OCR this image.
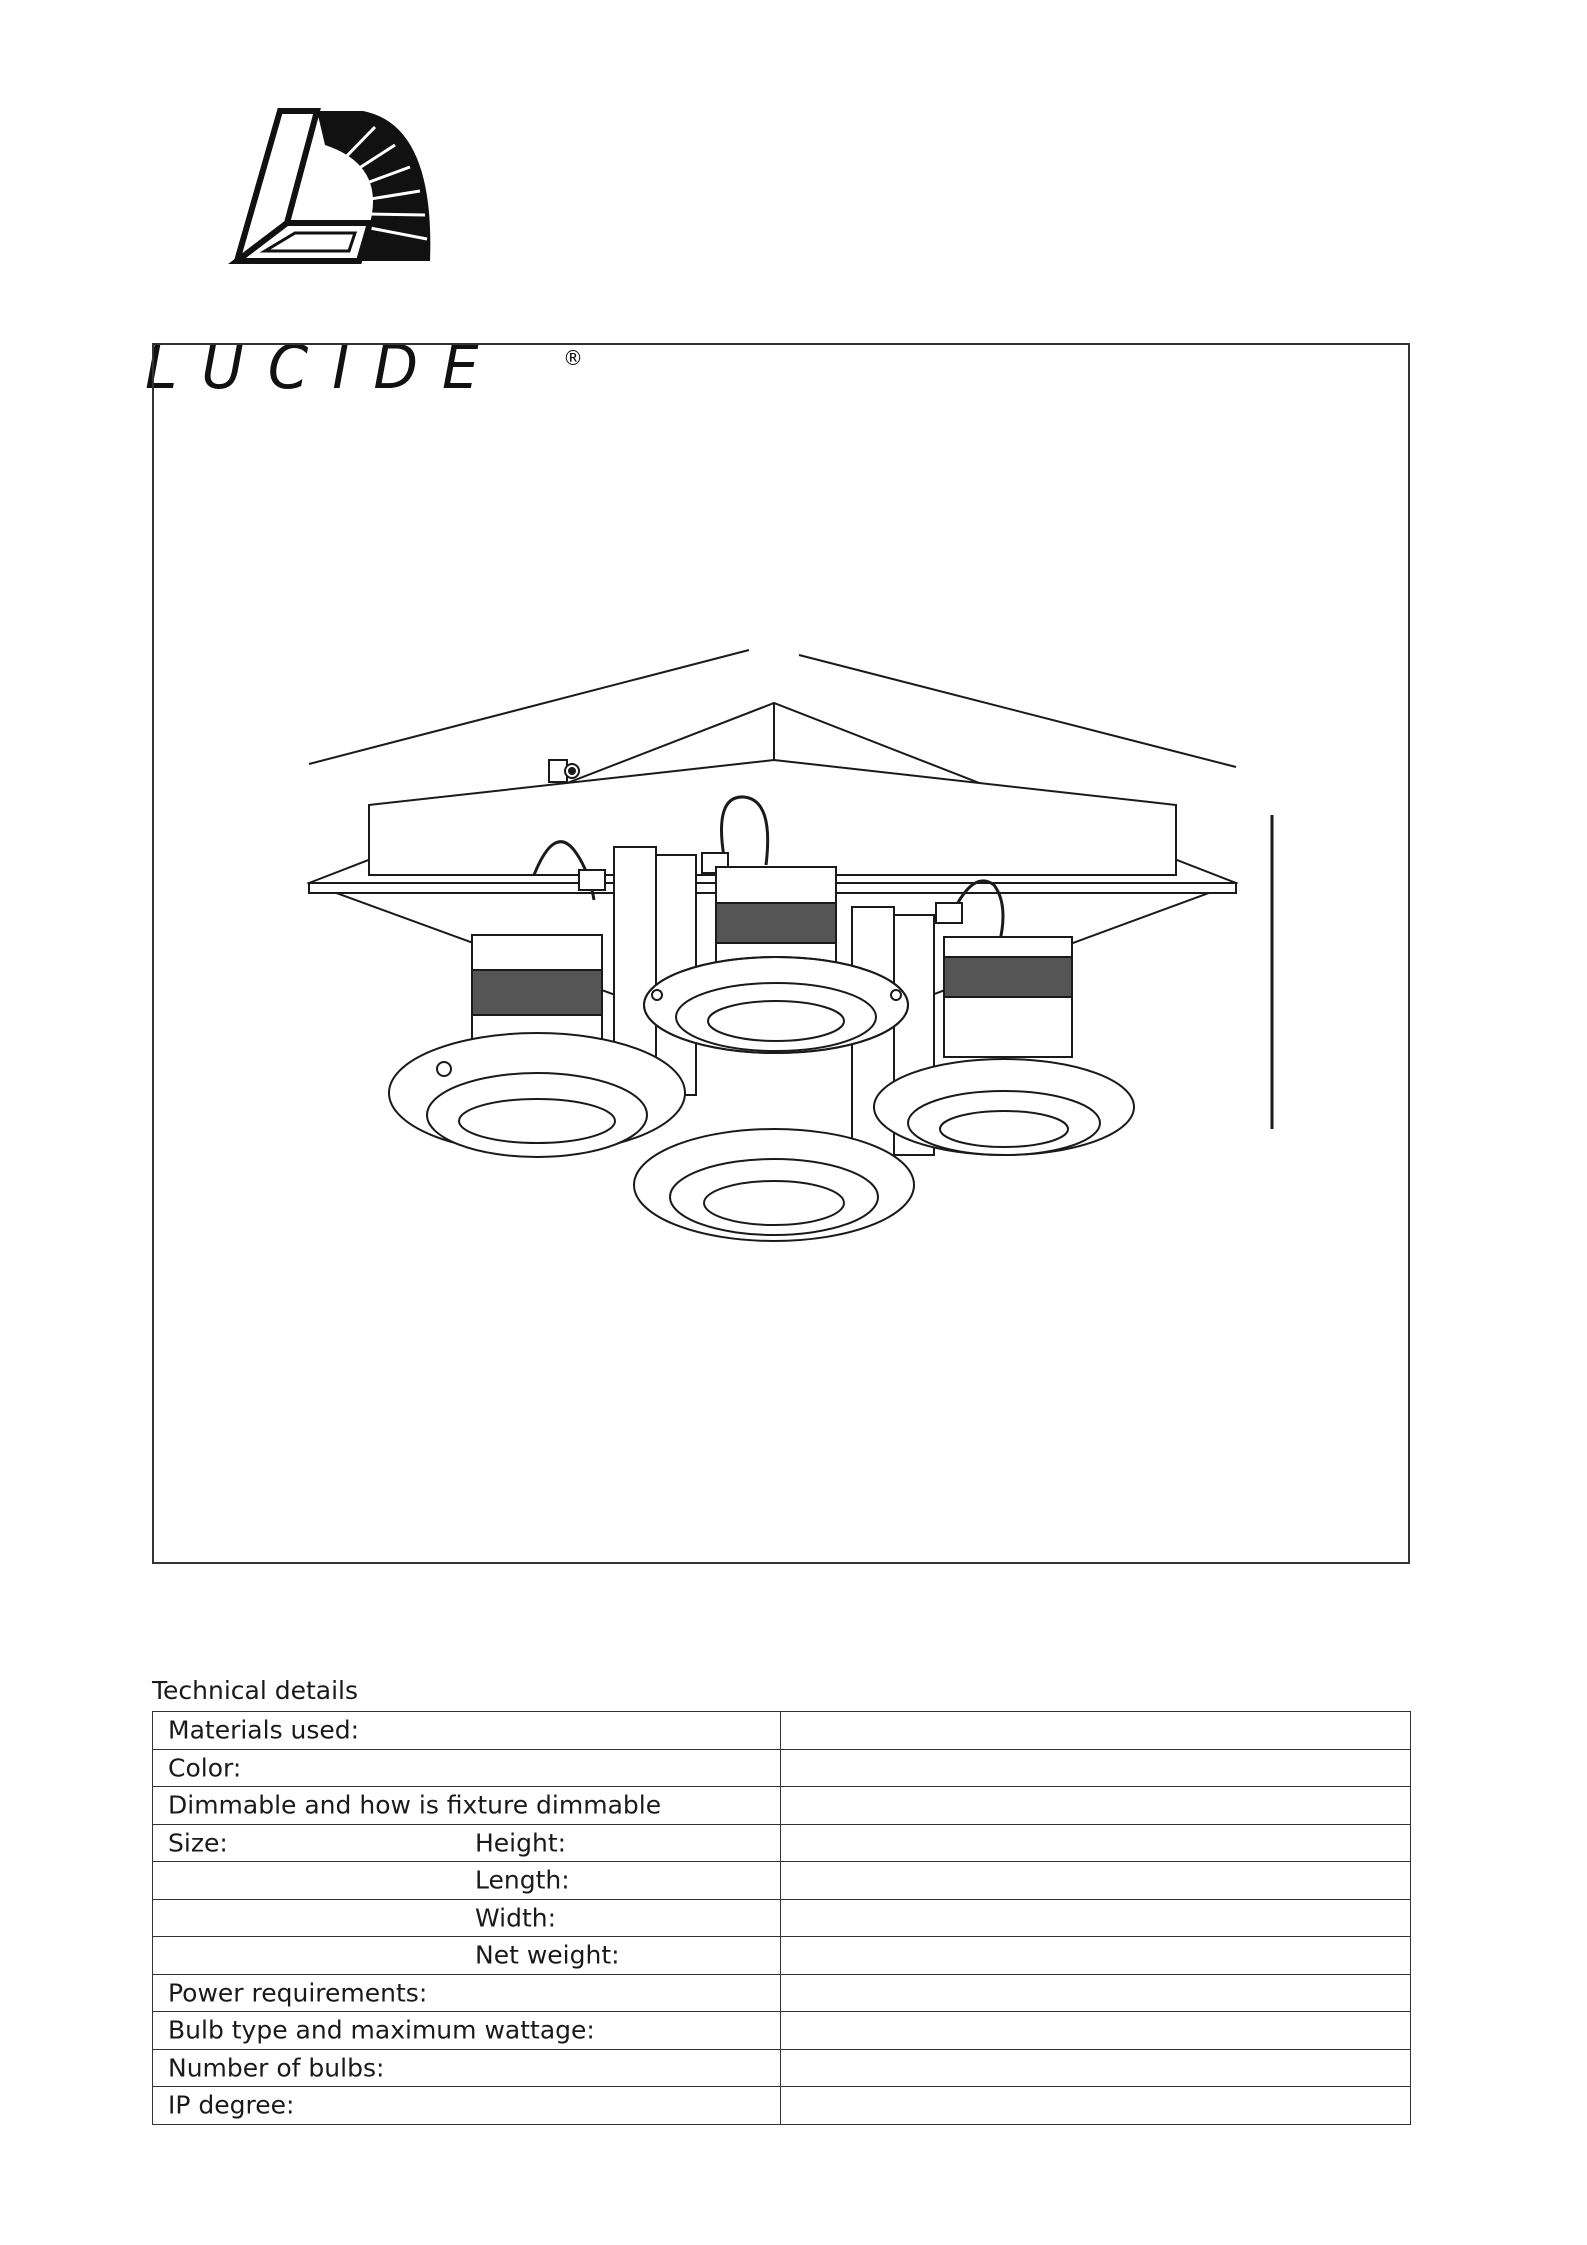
LUCIDE	®
Technical details
Materials used:	

Color:	

Dimmable and how is fixture dimmable	

Size: Height:	

Length:	

Width:	

Net weight:	

Power requirements:	

Bulb type and maximum wattage:	

Number of bulbs:	

IP degree:	
